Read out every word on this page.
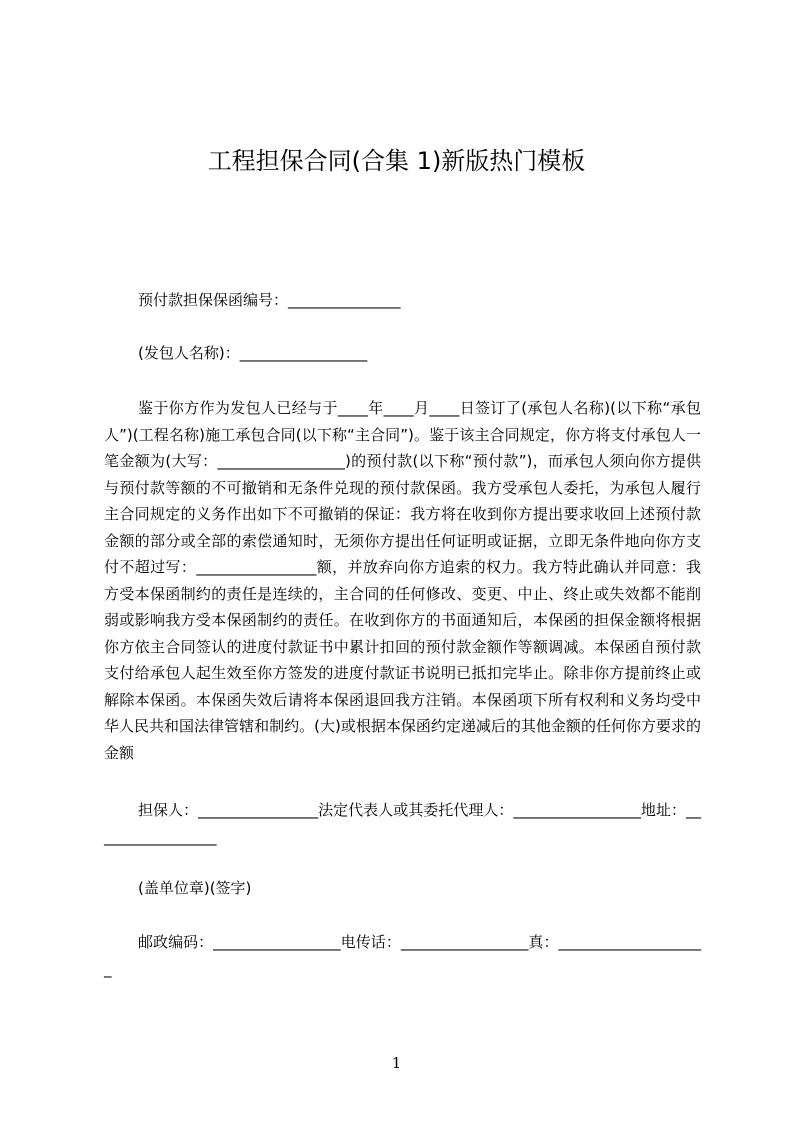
工程担保合同(合集 1)新版热门模板

预付款担保保函编号：_______________

(发包人名称)：_________________

鉴于你方作为发包人已经与于____年____月____日签订了(承包人名称)(以下称“承包人”)(工程名称)施工承包合同(以下称“主合同”)。鉴于该主合同规定，你方将支付承包人一笔金额为(大写：_________________)的预付款(以下称“预付款”)，而承包人须向你方提供与预付款等额的不可撤销和无条件兑现的预付款保函。我方受承包人委托，为承包人履行主合同规定的义务作出如下不可撤销的保证：我方将在收到你方提出要求收回上述预付款金额的部分或全部的索偿通知时，无须你方提出任何证明或证据，立即无条件地向你方支付不超过写：________________额，并放弃向你方追索的权力。我方特此确认并同意：我方受本保函制约的责任是连续的，主合同的任何修改、变更、中止、终止或失效都不能削弱或影响我方受本保函制约的责任。在收到你方的书面通知后，本保函的担保金额将根据你方依主合同签认的进度付款证书中累计扣回的预付款金额作等额调减。本保函自预付款支付给承包人起生效至你方签发的进度付款证书说明已抵扣完毕止。除非你方提前终止或解除本保函。本保函失效后请将本保函退回我方注销。本保函项下所有权利和义务均受中华人民共和国法律管辖和制约。(大)或根据本保函约定递减后的其他金额的任何你方要求的金额

担保人：________________法定代表人或其委托代理人：_________________地址：_________________

(盖单位章)(签字)

邮政编码：_________________电传话：_________________真：____________________

1
